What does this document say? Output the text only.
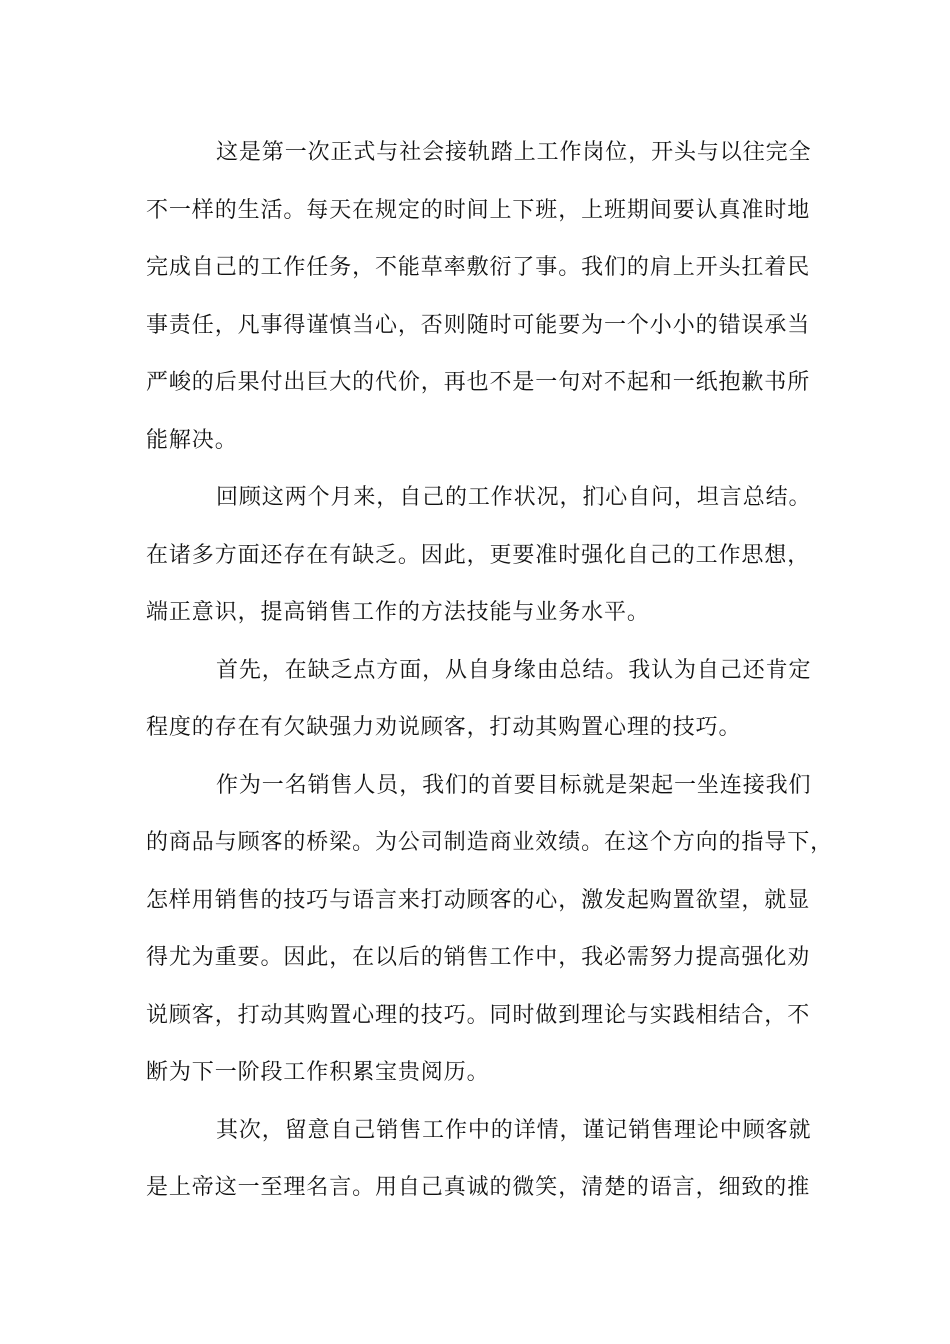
这是第一次正式与社会接轨踏上工作岗位，开头与以往完全
不一样的生活。每天在规定的时间上下班，上班期间要认真准时地
完成自己的工作任务，不能草率敷衍了事。我们的肩上开头扛着民
事责任，凡事得谨慎当心，否则随时可能要为一个小小的错误承当
严峻的后果付出巨大的代价，再也不是一句对不起和一纸抱歉书所
能解决。

回顾这两个月来，自己的工作状况，扪心自问，坦言总结。
在诸多方面还存在有缺乏。因此，更要准时强化自己的工作思想，
端正意识，提高销售工作的方法技能与业务水平。

首先，在缺乏点方面，从自身缘由总结。我认为自己还肯定
程度的存在有欠缺强力劝说顾客，打动其购置心理的技巧。

作为一名销售人员，我们的首要目标就是架起一坐连接我们
的商品与顾客的桥梁。为公司制造商业效绩。在这个方向的指导下，
怎样用销售的技巧与语言来打动顾客的心，激发起购置欲望，就显
得尤为重要。因此，在以后的销售工作中，我必需努力提高强化劝
说顾客，打动其购置心理的技巧。同时做到理论与实践相结合，不
断为下一阶段工作积累宝贵阅历。

其次，留意自己销售工作中的详情，谨记销售理论中顾客就
是上帝这一至理名言。用自己真诚的微笑，清楚的语言，细致的推
